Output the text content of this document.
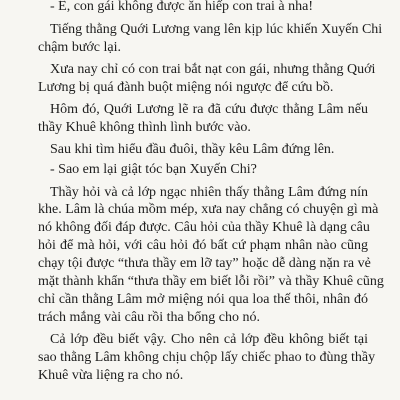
- Ê, con gái không được ăn hiếp con trai à nha!
Tiếng thằng Quới Lương vang lên kịp lúc khiến Xuyến Chi
chậm bước lại.
Xưa nay chỉ có con trai bắt nạt con gái, nhưng thằng Quới
Lương bị quá đành buột miệng nói ngược để cứu bồ.
Hôm đó, Quới Lương lẽ ra đã cứu được thằng Lâm nếu
thầy Khuê không thình lình bước vào.
Sau khi tìm hiểu đầu đuôi, thầy kêu Lâm đứng lên.
- Sao em lại giật tóc bạn Xuyến Chi?
Thầy hỏi và cả lớp ngạc nhiên thấy thằng Lâm đứng nín
khe. Lâm là chúa mồm mép, xưa nay chẳng có chuyện gì mà
nó không đối đáp được. Câu hỏi của thầy Khuê là dạng câu
hỏi để mà hỏi, với câu hỏi đó bất cứ phạm nhân nào cũng
chạy tội được “thưa thầy em lỡ tay” hoặc dễ dàng nặn ra vẻ
mặt thành khẩn “thưa thầy em biết lỗi rồi” và thầy Khuê cũng
chỉ cần thằng Lâm mở miệng nói qua loa thế thôi, nhân đó
trách mắng vài câu rồi tha bổng cho nó.
Cả lớp đều biết vậy. Cho nên cả lớp đều không biết tại
sao thằng Lâm không chịu chộp lấy chiếc phao to đùng thầy
Khuê vừa liệng ra cho nó.
